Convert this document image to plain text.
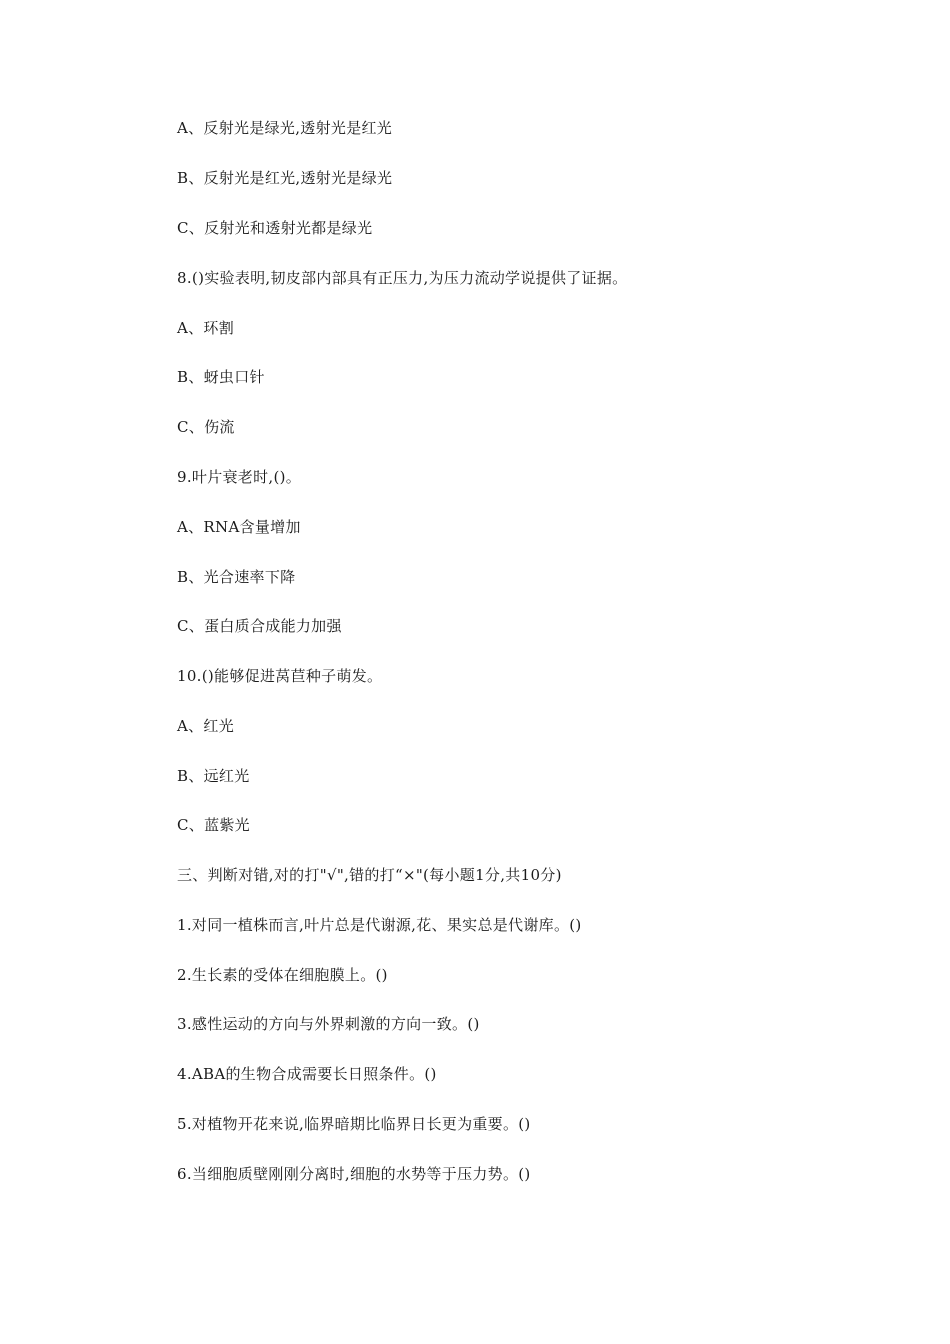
A、反射光是绿光,透射光是红光
B、反射光是红光,透射光是绿光
C、反射光和透射光都是绿光
8.()实验表明,韧皮部内部具有正压力,为压力流动学说提供了证据。
A、环割
B、蚜虫口针
C、伤流
9.叶片衰老时,()。
A、RNA含量增加
B、光合速率下降
C、蛋白质合成能力加强
10.()能够促进莴苣种子萌发。
A、红光
B、远红光
C、蓝紫光
三、判断对错,对的打"√",错的打“×"(每小题1分,共10分)
1.对同一植株而言,叶片总是代谢源,花、果实总是代谢库。()
2.生长素的受体在细胞膜上。()
3.感性运动的方向与外界刺激的方向一致。()
4.ABA的生物合成需要长日照条件。()
5.对植物开花来说,临界暗期比临界日长更为重要。()
6.当细胞质壁刚刚分离时,细胞的水势等于压力势。()
